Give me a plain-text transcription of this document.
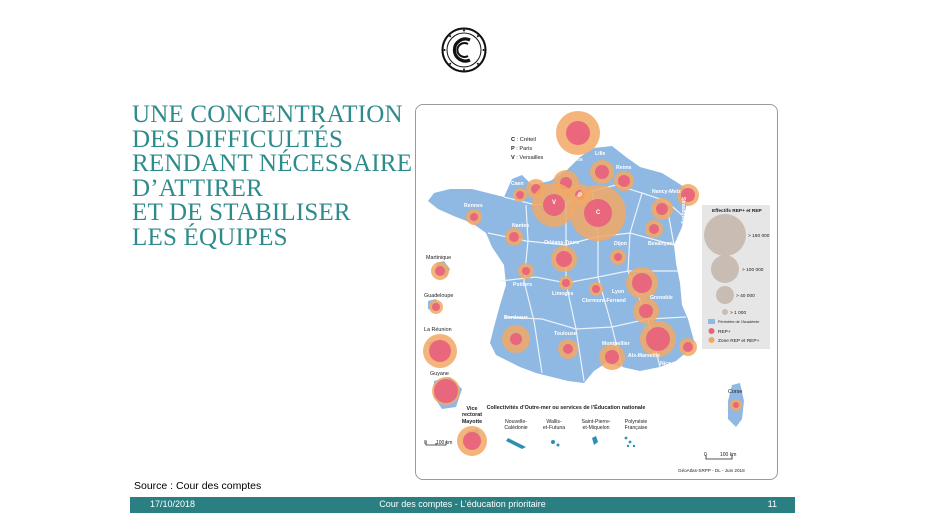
UNE CONCENTRATION
DES DIFFICULTÉS
RENDANT NÉCESSAIRE
D’ATTIRER
ET DE STABILISER
LES ÉQUIPES
C : Créteil
P : Paris
V : Versailles
Lille
Amiens
Rouen	Reims
Caen
Nancy-Metz
Rennes
Nantes
Orléans-Tours	Dijon	Besançon
Poitiers
Limoges
Clermont-Ferrand
Lyon
Grenoble
Bordeaux
Toulouse
Montpellier
Aix-Marseille
Nice
Strasbourg
Corse
Martinique
Guadeloupe
La Réunion
Guyane
Vice
rectorat
Mayotte
Collectivités d’Outre-mer ou services de l’Éducation nationale
Nouvelle-
Calédonie
Wallis-
et-Futuna
Saint-Pierre-
et-Miquelon
Polynésie
Française
0 100 km
0	100 km
GéoAtlas-SRPP - DL - Juin 2018
Effectifs REP+ et REP
> 160 000
> 100 000
> 40 000
> 1 000
Périmètre de l’Académie
REP+
Zone REP et REP+
V
P
C
Source : Cour des comptes
Cour des comptes - L’éducation prioritaire
17/10/2018	11
